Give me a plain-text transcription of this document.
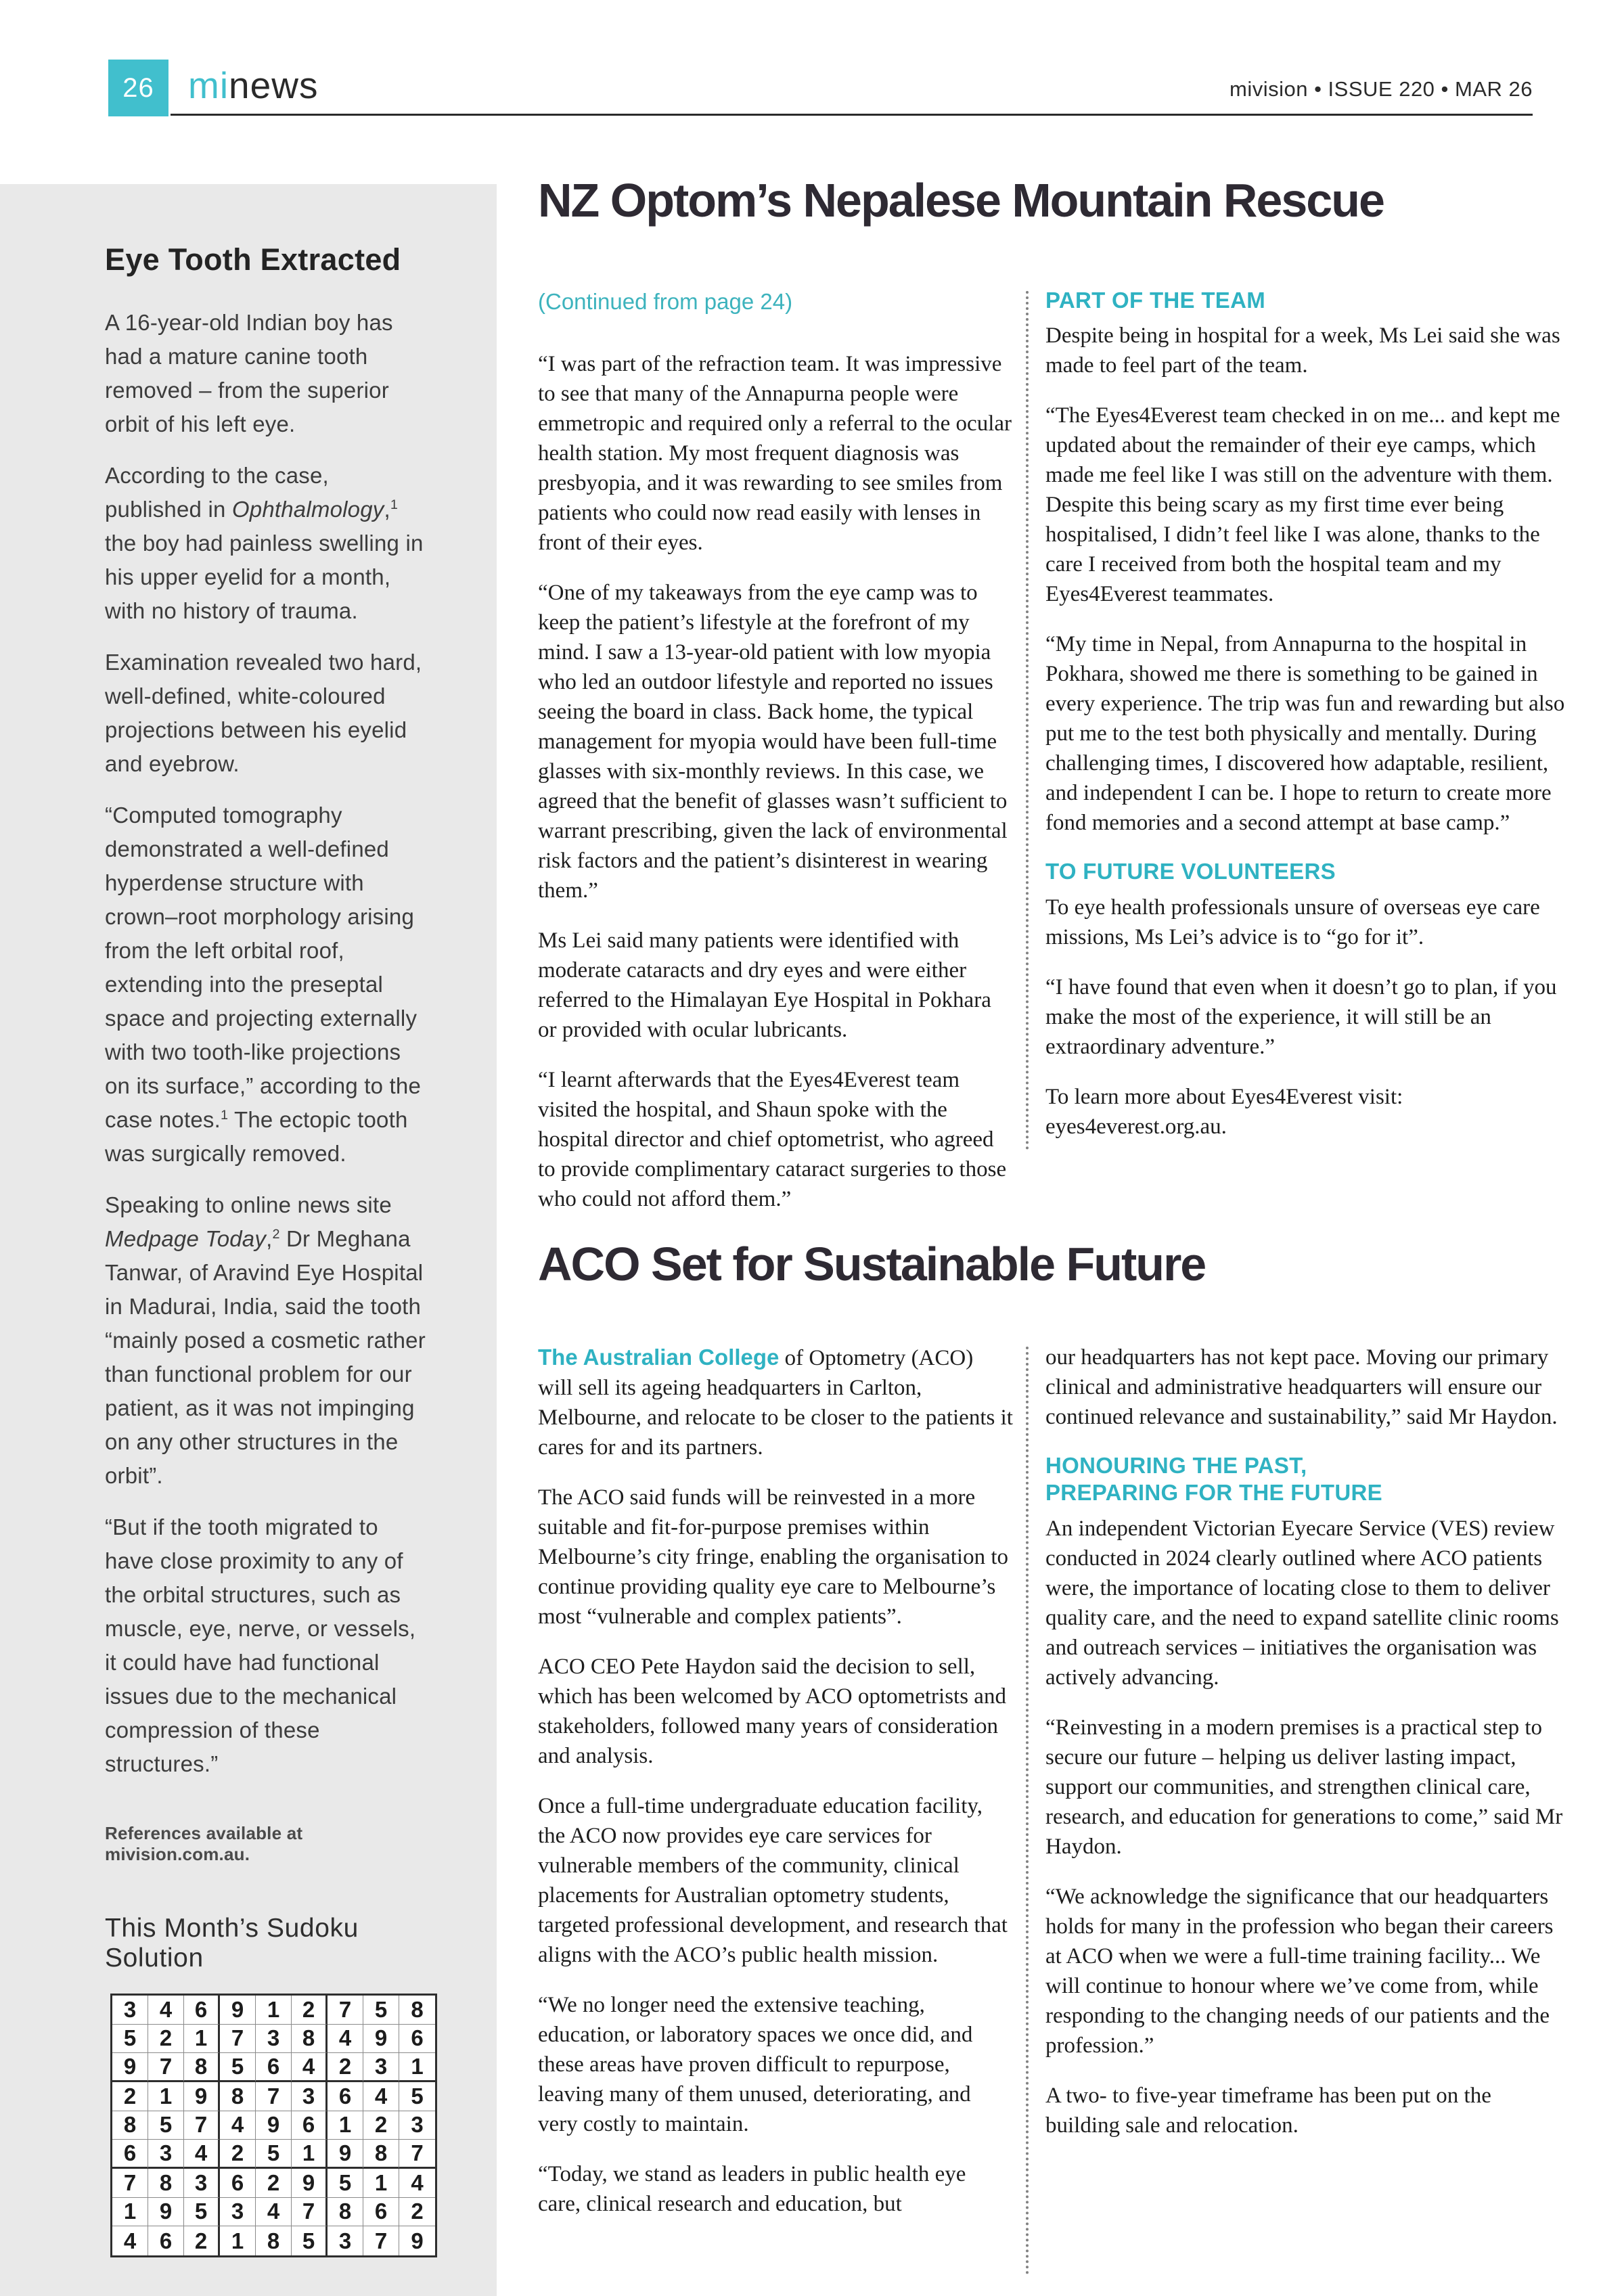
26 minews	mivision • ISSUE 220 • MAR 26
Eye Tooth Extracted

A 16-year-old Indian boy has had a mature canine tooth removed – from the superior orbit of his left eye.

According to the case, published in Ophthalmology,$^1$ the boy had painless swelling in his upper eyelid for a month, with no history of trauma.

Examination revealed two hard, well-defined, white-coloured projections between his eyelid and eyebrow.

“Computed tomography demonstrated a well-defined hyperdense structure with crown–root morphology arising from the left orbital roof, extending into the preseptal space and projecting externally with two tooth-like projections on its surface,” according to the case notes.$^1$ The ectopic tooth was surgically removed.

Speaking to online news site Medpage Today,$^2$ Dr Meghana Tanwar, of Aravind Eye Hospital in Madurai, India, said the tooth “mainly posed a cosmetic rather than functional problem for our patient, as it was not impinging on any other structures in the orbit”.

“But if the tooth migrated to have close proximity to any of the orbital structures, such as muscle, eye, nerve, or vessels, it could have had functional issues due to the mechanical compression of these structures.”

References available at mivision.com.au.

This Month’s Sudoku Solution
3	4	6	9	1	2	7	5	8
5	2	1	7	3	8	4	9	6
9	7	8	5	6	4	2	3	1
2	1	9	8	7	3	6	4	5
8	5	7	4	9	6	1	2	3
6	3	4	2	5	1	9	8	7
7	8	3	6	2	9	5	1	4
1	9	5	3	4	7	8	6	2
4	6	2	1	8	5	3	7	9
NZ Optom’s Nepalese Mountain Rescue
(Continued from page 24)

“I was part of the refraction team. It was impressive to see that many of the Annapurna people were emmetropic and required only a referral to the ocular health station. My most frequent diagnosis was presbyopia, and it was rewarding to see smiles from patients who could now read easily with lenses in front of their eyes.

“One of my takeaways from the eye camp was to keep the patient’s lifestyle at the forefront of my mind. I saw a 13-year-old patient with low myopia who led an outdoor lifestyle and reported no issues seeing the board in class. Back home, the typical management for myopia would have been full-time glasses with six-monthly reviews. In this case, we agreed that the benefit of glasses wasn’t sufficient to warrant prescribing, given the lack of environmental risk factors and the patient’s disinterest in wearing them.”

Ms Lei said many patients were identified with moderate cataracts and dry eyes and were either referred to the Himalayan Eye Hospital in Pokhara or provided with ocular lubricants.

“I learnt afterwards that the Eyes4Everest team visited the hospital, and Shaun spoke with the hospital director and chief optometrist, who agreed to provide complimentary cataract surgeries to those who could not afford them.”

PART OF THE TEAM

Despite being in hospital for a week, Ms Lei said she was made to feel part of the team.

“The Eyes4Everest team checked in on me... and kept me updated about the remainder of their eye camps, which made me feel like I was still on the adventure with them. Despite this being scary as my first time ever being hospitalised, I didn’t feel like I was alone, thanks to the care I received from both the hospital team and my Eyes4Everest teammates.

“My time in Nepal, from Annapurna to the hospital in Pokhara, showed me there is something to be gained in every experience. The trip was fun and rewarding but also put me to the test both physically and mentally. During challenging times, I discovered how adaptable, resilient, and independent I can be. I hope to return to create more fond memories and a second attempt at base camp.”

TO FUTURE VOLUNTEERS

To eye health professionals unsure of overseas eye care missions, Ms Lei’s advice is to “go for it”.

“I have found that even when it doesn’t go to plan, if you make the most of the experience, it will still be an extraordinary adventure.”

To learn more about Eyes4Everest visit: eyes4everest.org.au.

ACO Set for Sustainable Future

The Australian College of Optometry (ACO) will sell its ageing headquarters in Carlton, Melbourne, and relocate to be closer to the patients it cares for and its partners.

The ACO said funds will be reinvested in a more suitable and fit-for-purpose premises within Melbourne’s city fringe, enabling the organisation to continue providing quality eye care to Melbourne’s most “vulnerable and complex patients”.

ACO CEO Pete Haydon said the decision to sell, which has been welcomed by ACO optometrists and stakeholders, followed many years of consideration and analysis.

Once a full-time undergraduate education facility, the ACO now provides eye care services for vulnerable members of the community, clinical placements for Australian optometry students, targeted professional development, and research that aligns with the ACO’s public health mission.

“We no longer need the extensive teaching, education, or laboratory spaces we once did, and these areas have proven difficult to repurpose, leaving many of them unused, deteriorating, and very costly to maintain.

“Today, we stand as leaders in public health eye care, clinical research and education, but

our headquarters has not kept pace. Moving our primary clinical and administrative headquarters will ensure our continued relevance and sustainability,” said Mr Haydon.

HONOURING THE PAST,
PREPARING FOR THE FUTURE

An independent Victorian Eyecare Service (VES) review conducted in 2024 clearly outlined where ACO patients were, the importance of locating close to them to deliver quality care, and the need to expand satellite clinic rooms and outreach services – initiatives the organisation was actively advancing.

“Reinvesting in a modern premises is a practical step to secure our future – helping us deliver lasting impact, support our communities, and strengthen clinical care, research, and education for generations to come,” said Mr Haydon.

“We acknowledge the significance that our headquarters holds for many in the profession who began their careers at ACO when we were a full-time training facility... We will continue to honour where we’ve come from, while responding to the changing needs of our patients and the profession.”

A two- to five-year timeframe has been put on the building sale and relocation.
